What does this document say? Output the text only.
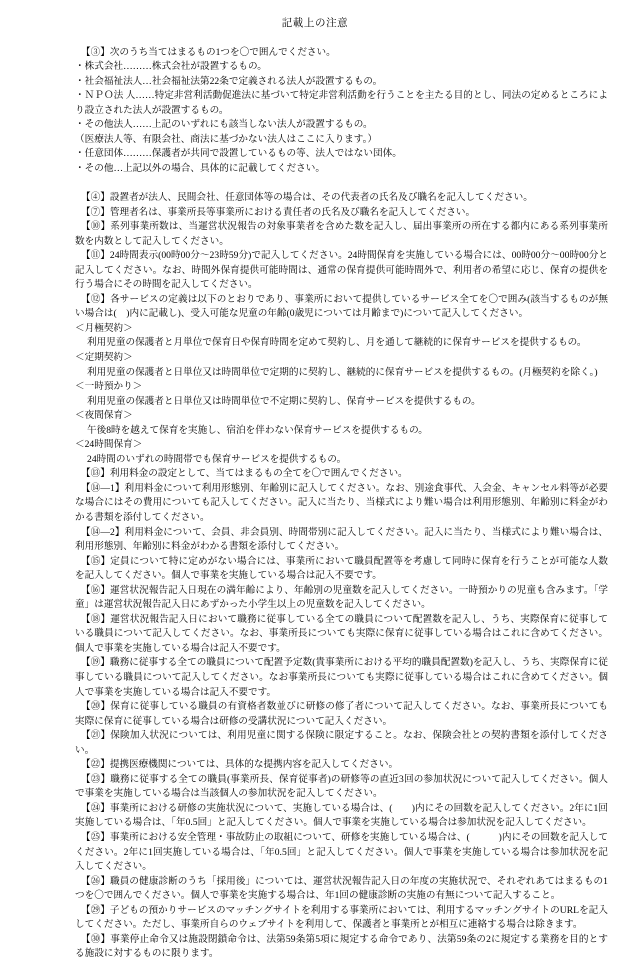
記載上の注意

【③】次のうち当てはまるもの1つを〇で囲んでください。

・株式会社………株式会社が設置するもの。

・社会福祉法人…社会福祉法第22条で定義される法人が設置するもの。

・ＮＰＯ法 人……特定非営利活動促進法に基づいて特定非営利活動を行うことを主たる目的とし、同法の定めるところにより設立された法人が設置するもの。

・その他法人……上記のいずれにも該当しない法人が設置するもの。

（医療法人等、有限会社、商法に基づかない法人はここに入ります。）

・任意団体………保護者が共同で設置しているもの等、法人ではない団体。

・その他…上記以外の場合、具体的に記載してください。

【④】設置者が法人、民間会社、任意団体等の場合は、その代表者の氏名及び職名を記入してください。

【⑦】管理者名は、事業所長等事業所における責任者の氏名及び職名を記入してください。

【⑩】系列事業所数は、当運営状況報告の対象事業者を含めた数を記入し、届出事業所の所在する都内にある系列事業所数を内数として記入してください。

【⑪】24時間表示(00時00分〜23時59分)で記入してください。24時間保育を実施している場合には、00時00分〜00時00分と記入してください。なお、時間外保育提供可能時間は、通常の保育提供可能時間外で、利用者の希望に応じ、保育の提供を行う場合にその時間を記入してください。

【⑫】各サービスの定義は以下のとおりであり、事業所において提供しているサービス全てを〇で囲み(該当するものが無い場合は(　)内に記載し)、受入可能な児童の年齢(0歳児については月齢まで)について記入してください。

＜月極契約＞

利用児童の保護者と月単位で保育日や保育時間を定めて契約し、月を通して継続的に保育サービスを提供するもの。

＜定期契約＞

利用児童の保護者と日単位又は時間単位で定期的に契約し、継続的に保育サービスを提供するもの。(月極契約を除く。)

＜一時預かり＞

利用児童の保護者と日単位又は時間単位で不定期に契約し、保育サービスを提供するもの。

＜夜間保育＞

午後8時を越えて保育を実施し、宿泊を伴わない保育サービスを提供するもの。

＜24時間保育＞

24時間のいずれの時間帯でも保育サービスを提供するもの。

【⑬】利用料金の設定として、当てはまるもの全てを〇で囲んでください。

【⑭—1】利用料金について利用形態別、年齢別に記入してください。なお、別途食事代、入会金、キャンセル料等が必要な場合にはその費用についても記入してください。記入に当たり、当様式により難い場合は利用形態別、年齢別に料金がわかる書類を添付してください。

【⑭—2】利用料金について、会員、非会員別、時間帯別に記入してください。記入に当たり、当様式により難い場合は、利用形態別、年齢別に料金がわかる書類を添付してください。

【⑮】定員について特に定めがない場合には、事業所において職員配置等を考慮して同時に保育を行うことが可能な人数を記入してください。個人で事業を実施している場合は記入不要です。

【⑯】運営状況報告記入日現在の満年齢により、年齢別の児童数を記入してください。一時預かりの児童も含みます。「学童」は運営状況報告記入日にあずかった小学生以上の児童数を記入してください。

【⑱】運営状況報告記入日において職務に従事している全ての職員について配置数を記入し、うち、実際保育に従事している職員について記入してください。なお、事業所長についても実際に保育に従事している場合はこれに含めてください。個人で事業を実施している場合は記入不要です。

【⑲】職務に従事する全ての職員について配置予定数(貴事業所における平均的職員配置数)を記入し、うち、実際保育に従事している職員について記入してください。なお事業所長についても実際に従事している場合はこれに含めてください。個人で事業を実施している場合は記入不要です。

【⑳】保育に従事している職員の有資格者数並びに研修の修了者について記入してください。なお、事業所長についても実際に保育に従事している場合は研修の受講状況について記入ください。

【㉑】保険加入状況については、利用児童に関する保険に限定すること。なお、保険会社との契約書類を添付してください。

【㉒】提携医療機関については、具体的な提携内容を記入してください。

【㉓】職務に従事する全ての職員(事業所長、保育従事者)の研修等の直近3回の参加状況について記入してください。個人で事業を実施している場合は当該個人の参加状況を記入してください。

【㉔】事業所における研修の実施状況について、実施している場合は、(　　)内にその回数を記入してください。2年に1回実施している場合は、「年0.5回」と記入してください。個人で事業を実施している場合は参加状況を記入してください。

【㉕】事業所における安全管理・事故防止の取組について、研修を実施している場合は、(　　　)内にその回数を記入してください。2年に1回実施している場合は、「年0.5回」と記入してください。個人で事業を実施している場合は参加状況を記入してください。

【㉖】職員の健康診断のうち「採用後」については、運営状況報告記入日の年度の実施状況で、それぞれあてはまるもの1つを〇で囲んでください。個人で事業を実施する場合は、年1回の健康診断の実施の有無について記入すること。

【㉙】子どもの預かりサービスのマッチングサイトを利用する事業所においては、利用するマッチングサイトのURLを記入してください。ただし、事業所自らのウェブサイトを利用して、保護者と事業所とが相互に連絡する場合は除きます。

【㉚】事業停止命令又は施設閉鎖命令は、法第59条第5項に規定する命令であり、法第59条の2に規定する業務を目的とする施設に対するものに限ります。
